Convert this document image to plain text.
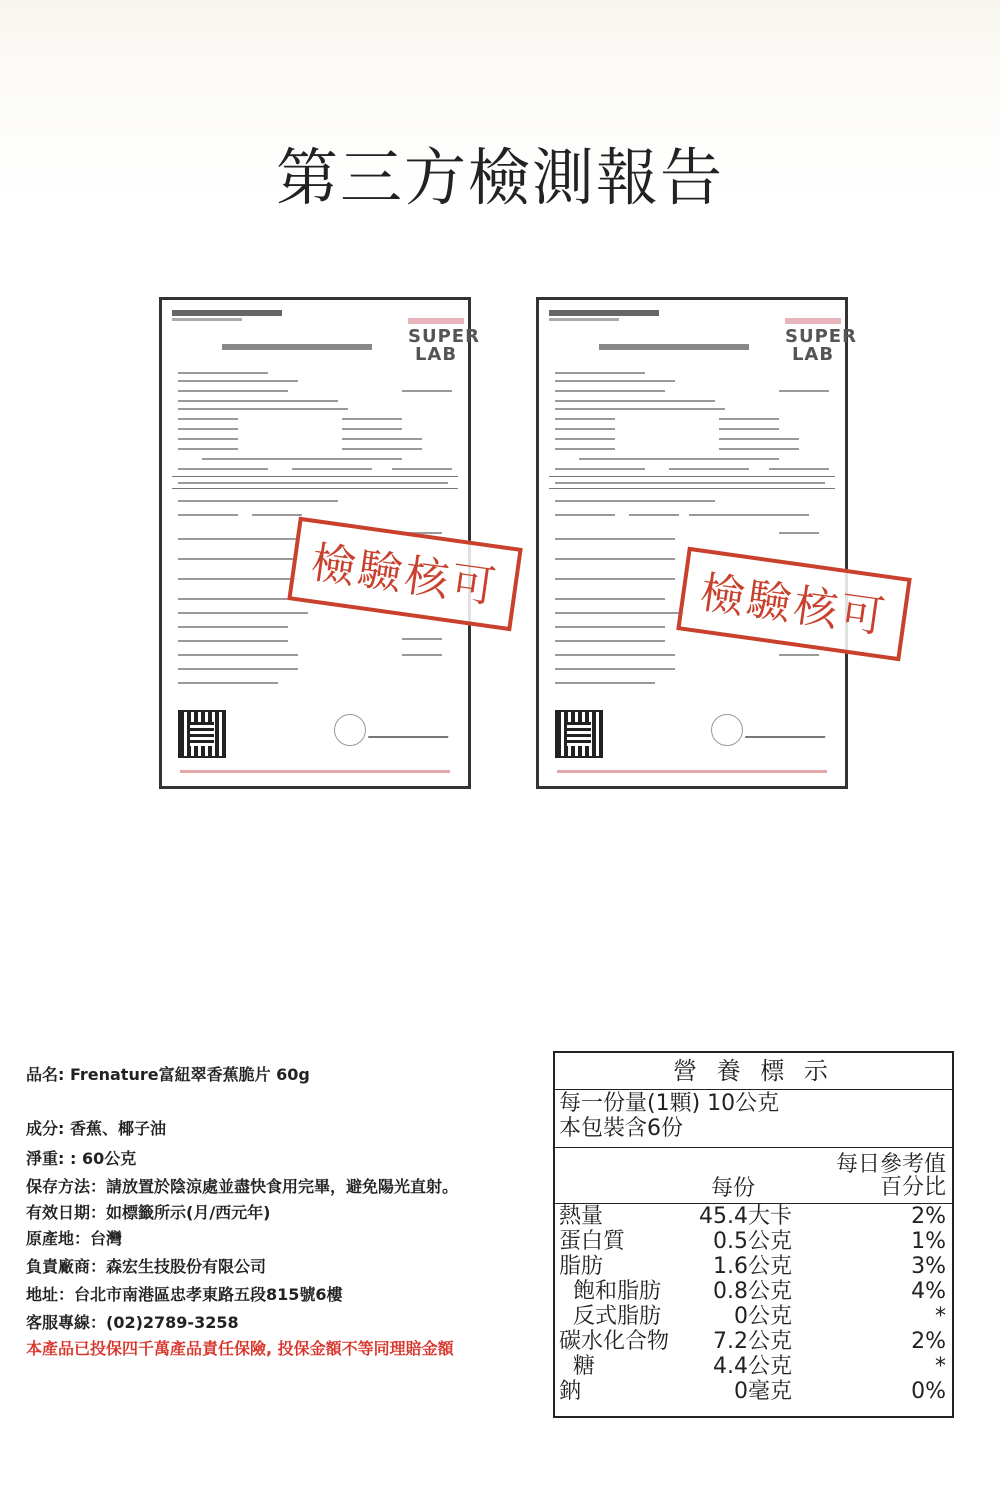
第三方檢測報告
SUPER LAB
檢驗核可
SUPER LAB
檢驗核可
品名: Frenature富紐翠香蕉脆片 60g
成分: 香蕉、椰子油
淨重: : 60公克
保存方法：請放置於陰涼處並盡快食用完畢，避免陽光直射。
有效日期：如標籤所示(月/西元年)
原產地：台灣
負責廠商：森宏生技股份有限公司
地址：台北市南港區忠孝東路五段815號6樓
客服專線：(02)2789-3258
本產品已投保四千萬產品責任保險, 投保金額不等同理賠金額
營 養 標 示
每一份量(1顆) 10公克
本包裝含6份
每份
每日參考值
百分比
熱量	45.4大卡	2%
蛋白質	0.5公克	1%
脂肪	1.6公克	3%
飽和脂肪 0.8公克	4%
反式脂肪	0公克	*
碳水化合物 7.2公克	2%
糖	4.4公克	*
鈉	0毫克	0%
